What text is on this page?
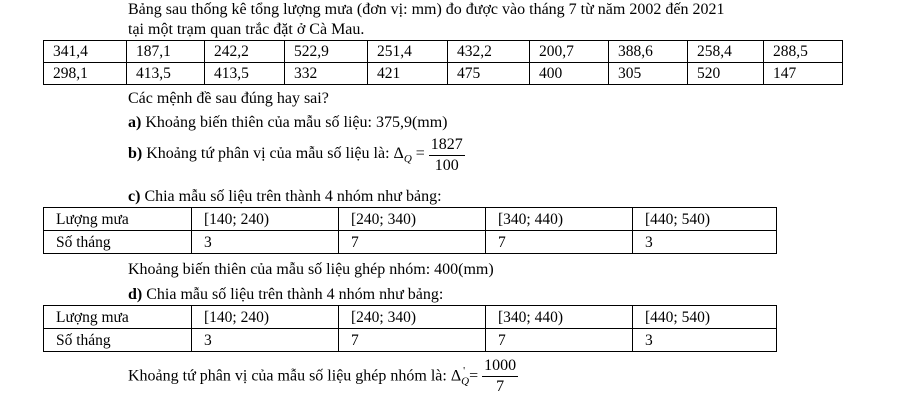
Bảng sau thống kê tổng lượng mưa (đơn vị: mm) đo được vào tháng 7 từ năm 2002 đến 2021
tại một trạm quan trắc đặt ở Cà Mau.
341,4	187,1	242,2	522,9	251,4	432,2	200,7	388,6	258,4	288,5
298,1	413,5	413,5	332	421	475	400	305	520	147
Các mệnh đề sau đúng hay sai?
a) Khoảng biến thiên của mẫu số liệu: 375,9(mm)
b) Khoảng tứ phân vị của mẫu số liệu là: $\Delta_Q = \frac{1827}{100}$
c) Chia mẫu số liệu trên thành 4 nhóm như bảng:
Lượng mưa	[140; 240)	[240; 340)	[340; 440)	[440; 540)
Số tháng	3	7	7	3
Khoảng biến thiên của mẫu số liệu ghép nhóm: 400(mm)
d) Chia mẫu số liệu trên thành 4 nhóm như bảng:
Lượng mưa	[140; 240)	[240; 340)	[340; 440)	[440; 540)
Số tháng	3	7	7	3
Khoảng tứ phân vị của mẫu số liệu ghép nhóm là: $\Delta_Q' = \frac{1000}{7}$
